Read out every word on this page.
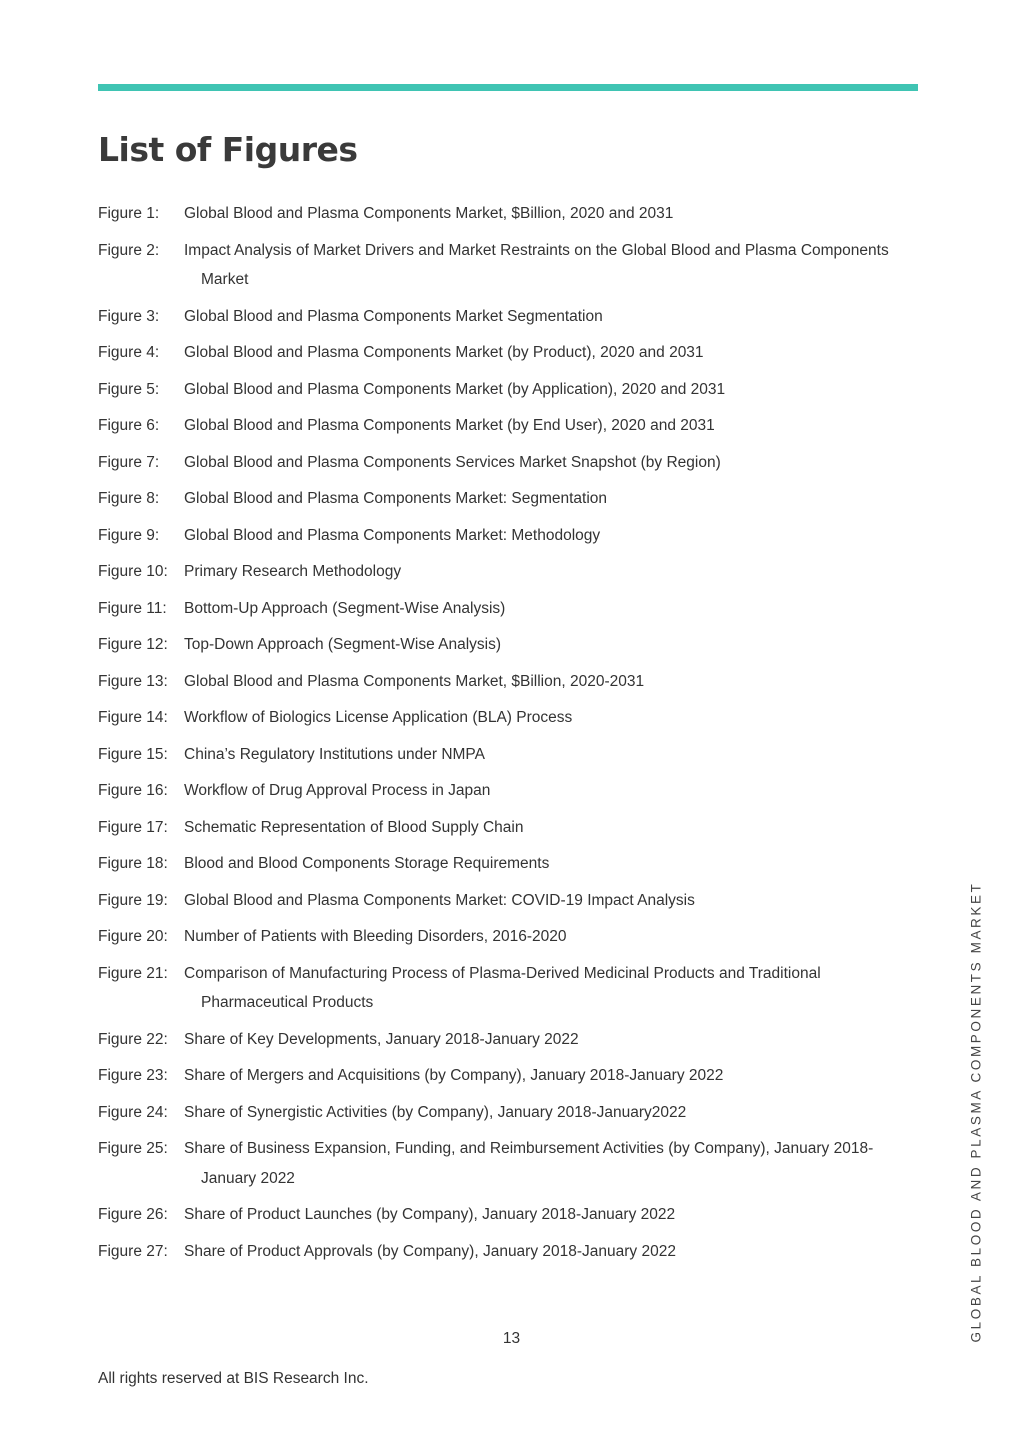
List of Figures
Figure 1:	Global Blood and Plasma Components Market, $Billion, 2020 and 2031
Figure 2:	Impact Analysis of Market Drivers and Market Restraints on the Global Blood and Plasma Components Market
Figure 3:	Global Blood and Plasma Components Market Segmentation
Figure 4:	Global Blood and Plasma Components Market (by Product), 2020 and 2031
Figure 5:	Global Blood and Plasma Components Market (by Application), 2020 and 2031
Figure 6:	Global Blood and Plasma Components Market (by End User), 2020 and 2031
Figure 7:	Global Blood and Plasma Components Services Market Snapshot (by Region)
Figure 8:	Global Blood and Plasma Components Market: Segmentation
Figure 9:	Global Blood and Plasma Components Market: Methodology
Figure 10:	Primary Research Methodology
Figure 11:	Bottom-Up Approach (Segment-Wise Analysis)
Figure 12:	Top-Down Approach (Segment-Wise Analysis)
Figure 13:	Global Blood and Plasma Components Market, $Billion, 2020-2031
Figure 14:	Workflow of Biologics License Application (BLA) Process
Figure 15:	China’s Regulatory Institutions under NMPA
Figure 16:	Workflow of Drug Approval Process in Japan
Figure 17:	Schematic Representation of Blood Supply Chain
Figure 18:	Blood and Blood Components Storage Requirements
Figure 19:	Global Blood and Plasma Components Market: COVID-19 Impact Analysis
Figure 20:	Number of Patients with Bleeding Disorders, 2016-2020
Figure 21:	Comparison of Manufacturing Process of Plasma-Derived Medicinal Products and Traditional Pharmaceutical Products
Figure 22:	Share of Key Developments, January 2018-January 2022
Figure 23:	Share of Mergers and Acquisitions (by Company), January 2018-January 2022
Figure 24:	Share of Synergistic Activities (by Company), January 2018-January2022
Figure 25:	Share of Business Expansion, Funding, and Reimbursement Activities (by Company), January 2018-January 2022
Figure 26:	Share of Product Launches (by Company), January 2018-January 2022
Figure 27:	Share of Product Approvals (by Company), January 2018-January 2022
13
All rights reserved at BIS Research Inc.
GLOBAL BLOOD AND PLASMA COMPONENTS MARKET
